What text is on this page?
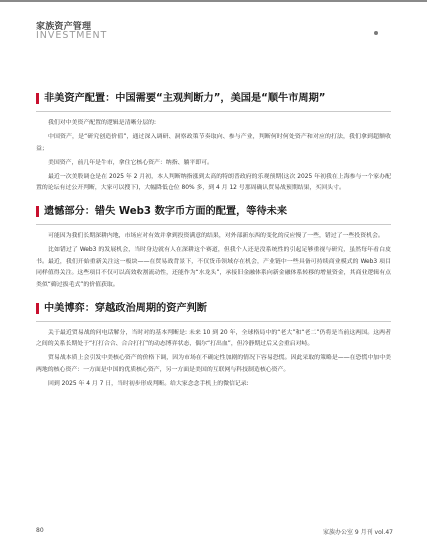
家族资产管理
INVESTMENT
非美资产配置：中国需要“主观判断力”，美国是“顺牛市周期”

我们对中美资产配置的逻辑是清晰分层的:

中国资产，是“研究创造价值”，通过深入调研、洞察政策节奏取向、参与产业，判断何时何处资产和对应的打法，我们拿到超额收益；

美国资产，前几年是牛市，拿住它核心资产：纳指、躺平即可。

最近一次美股调仓是在 2025 年 2 月初，本人判断纳指涨到太高的特朗普政府的乐观预期(这次 2025 年初我在上海参与一个家办配置的论坛有过公开判断，大家可以搜下)，大幅降低仓位 80% 多，到 4 月 12 号那周确认贸易战预期结果，买回头寸。

遗憾部分：错失 Web3 数字币方面的配置，等待未来

可能因为我们长期深耕内地，市场应对有效并拿到投资满意的结果，对外部新东西的变化的反应慢了一些，错过了一些投资机会。

比如错过了 Web3 的发展机会，当时身边就有人在深耕这个赛道，但我个人还是没系统性的引起足够重视与研究，虽然每年看白皮书。最近，我们开始重新关注这一板块——在贸易战背景下，不仅货币领域存在机会，产业链中一些具备可持续商业模式的 Web3 项目同样值得关注。这些项目不仅可以高效收割流动性，还能作为“水龙头”，承接旧金融体系向新金融体系转移的增量资金，其商业逻辑有点类似“薅过拔毛式”的价值获取。

中美博弈：穿越政治周期的资产判断

关于最近贸易战的问电话解分，当时对的基本判断是: 未来 10 到 20 年，全球格局中的“老大”和“老二”仍将是当前这两国。这两者之间的关系长期处于“打打合合、合合打打”的动态博弈状态，偶尔“打出血”，但冷静期过后又会重启对峙。

贸易战本质上会引发中美核心资产的价格下调，因为市场在不确定性加剧的情况下容易恐慌。因此采取的策略是——在恐慌中加中美两地的核心资产：一方面是中国的优质核心资产，另一方面是美国的互联网与科技制造核心资产。

回到 2025 年 4 月 7 日，当时初步形成判断。给大家念念手机上的微信记录:

80	家族办公室 9 月刊 vol.47
